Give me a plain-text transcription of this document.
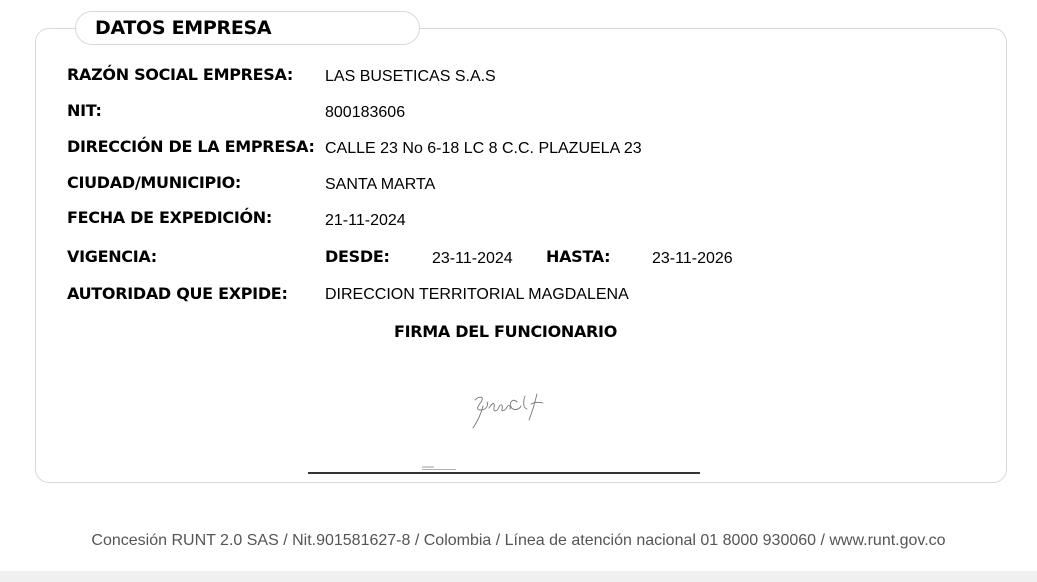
DATOS EMPRESA
RAZÓN SOCIAL EMPRESA: LAS BUSETICAS S.A.S
NIT:	800183606
DIRECCIÓN DE LA EMPRESA: CALLE 23 No 6-18 LC 8 C.C. PLAZUELA 23
CIUDAD/MUNICIPIO:	SANTA MARTA
FECHA DE EXPEDICIÓN:	21-11-2024
VIGENCIA:	DESDE:	23-11-2024 HASTA:	23-11-2026
AUTORIDAD QUE EXPIDE: DIRECCION TERRITORIAL MAGDALENA
FIRMA DEL FUNCIONARIO
Concesión RUNT 2.0 SAS / Nit.901581627-8 / Colombia / Línea de atención nacional 01 8000 930060 / www.runt.gov.co
